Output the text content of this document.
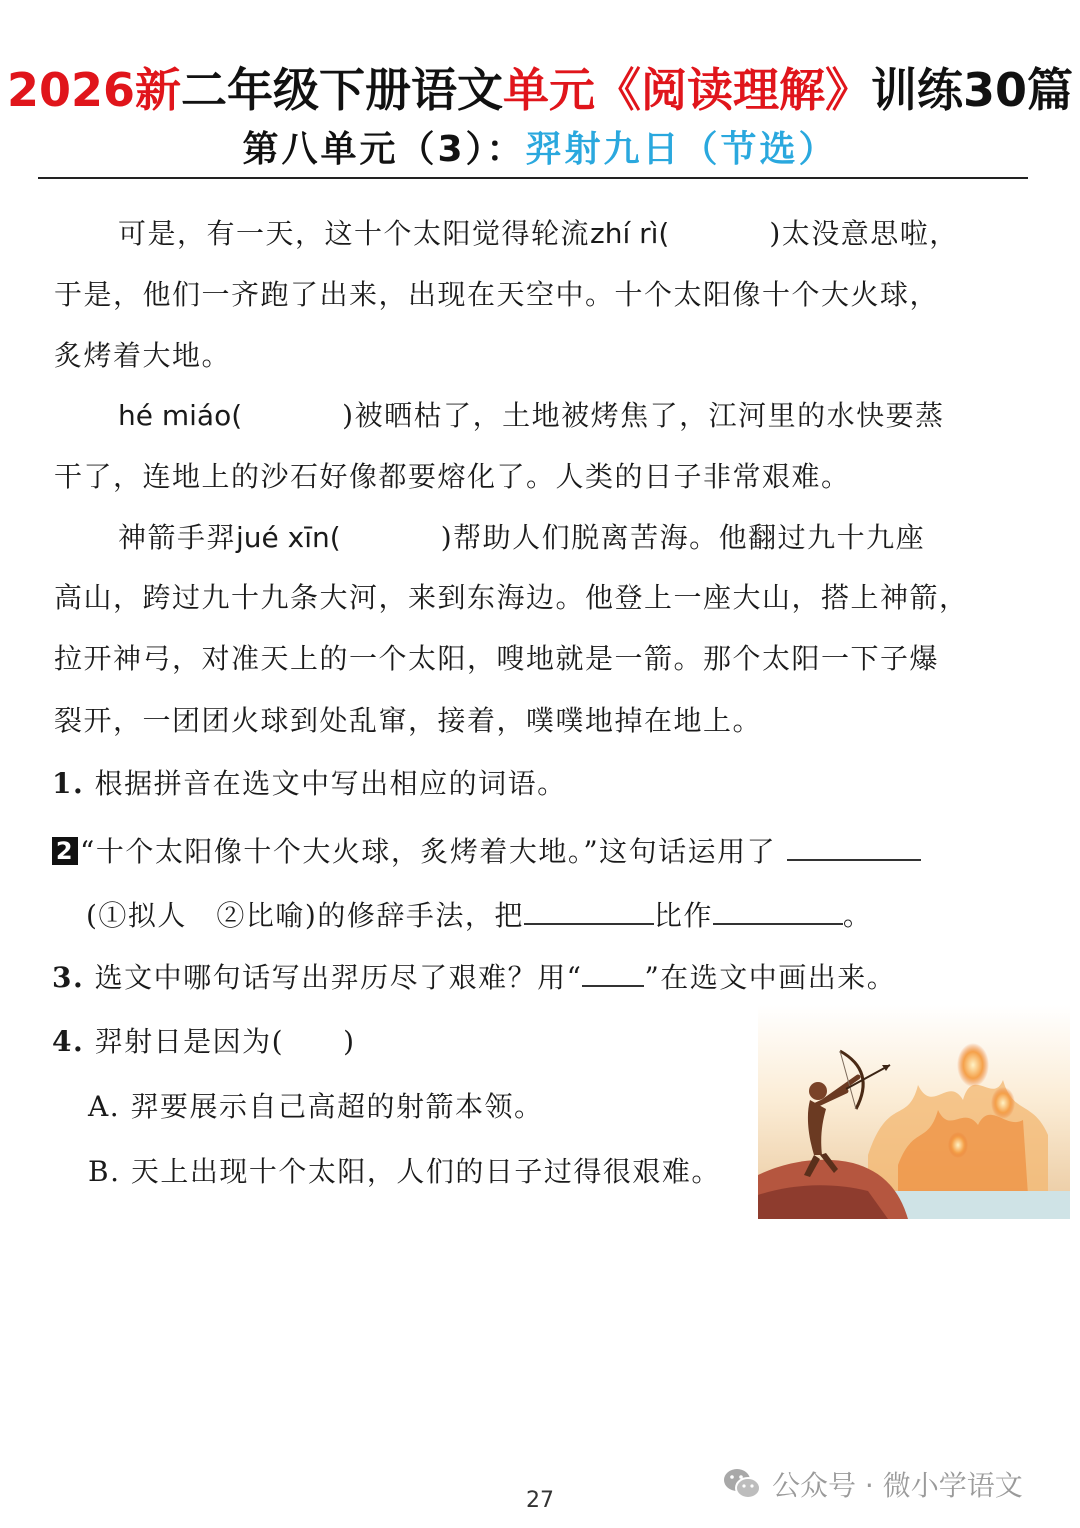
2026新二年级下册语文单元《阅读理解》训练30篇
第八单元（3）：羿射九日（节选）
可是，有一天，这十个太阳觉得轮流zhí rì(	)太没意思啦，
于是，他们一齐跑了出来，出现在天空中。十个太阳像十个大火球，
炙烤着大地。
hé miáo(	)被晒枯了，土地被烤焦了，江河里的水快要蒸
干了，连地上的沙石好像都要熔化了。人类的日子非常艰难。
神箭手羿jué xīn(	)帮助人们脱离苦海。他翻过九十九座
高山，跨过九十九条大河，来到东海边。他登上一座大山，搭上神箭，
拉开神弓，对准天上的一个太阳，嗖地就是一箭。那个太阳一下子爆
裂开，一团团火球到处乱窜，接着，噗噗地掉在地上。
1. 根据拼音在选文中写出相应的词语。
2 “十个太阳像十个大火球，炙烤着大地。”这句话运用了
(①拟人　②比喻)的修辞手法，把	比作	。
3. 选文中哪句话写出羿历尽了艰难？用“ ”在选文中画出来。
4. 羿射日是因为(　　)
A. 羿要展示自己高超的射箭本领。
B. 天上出现十个太阳，人们的日子过得很艰难。
公众号 · 微小学语文
27
